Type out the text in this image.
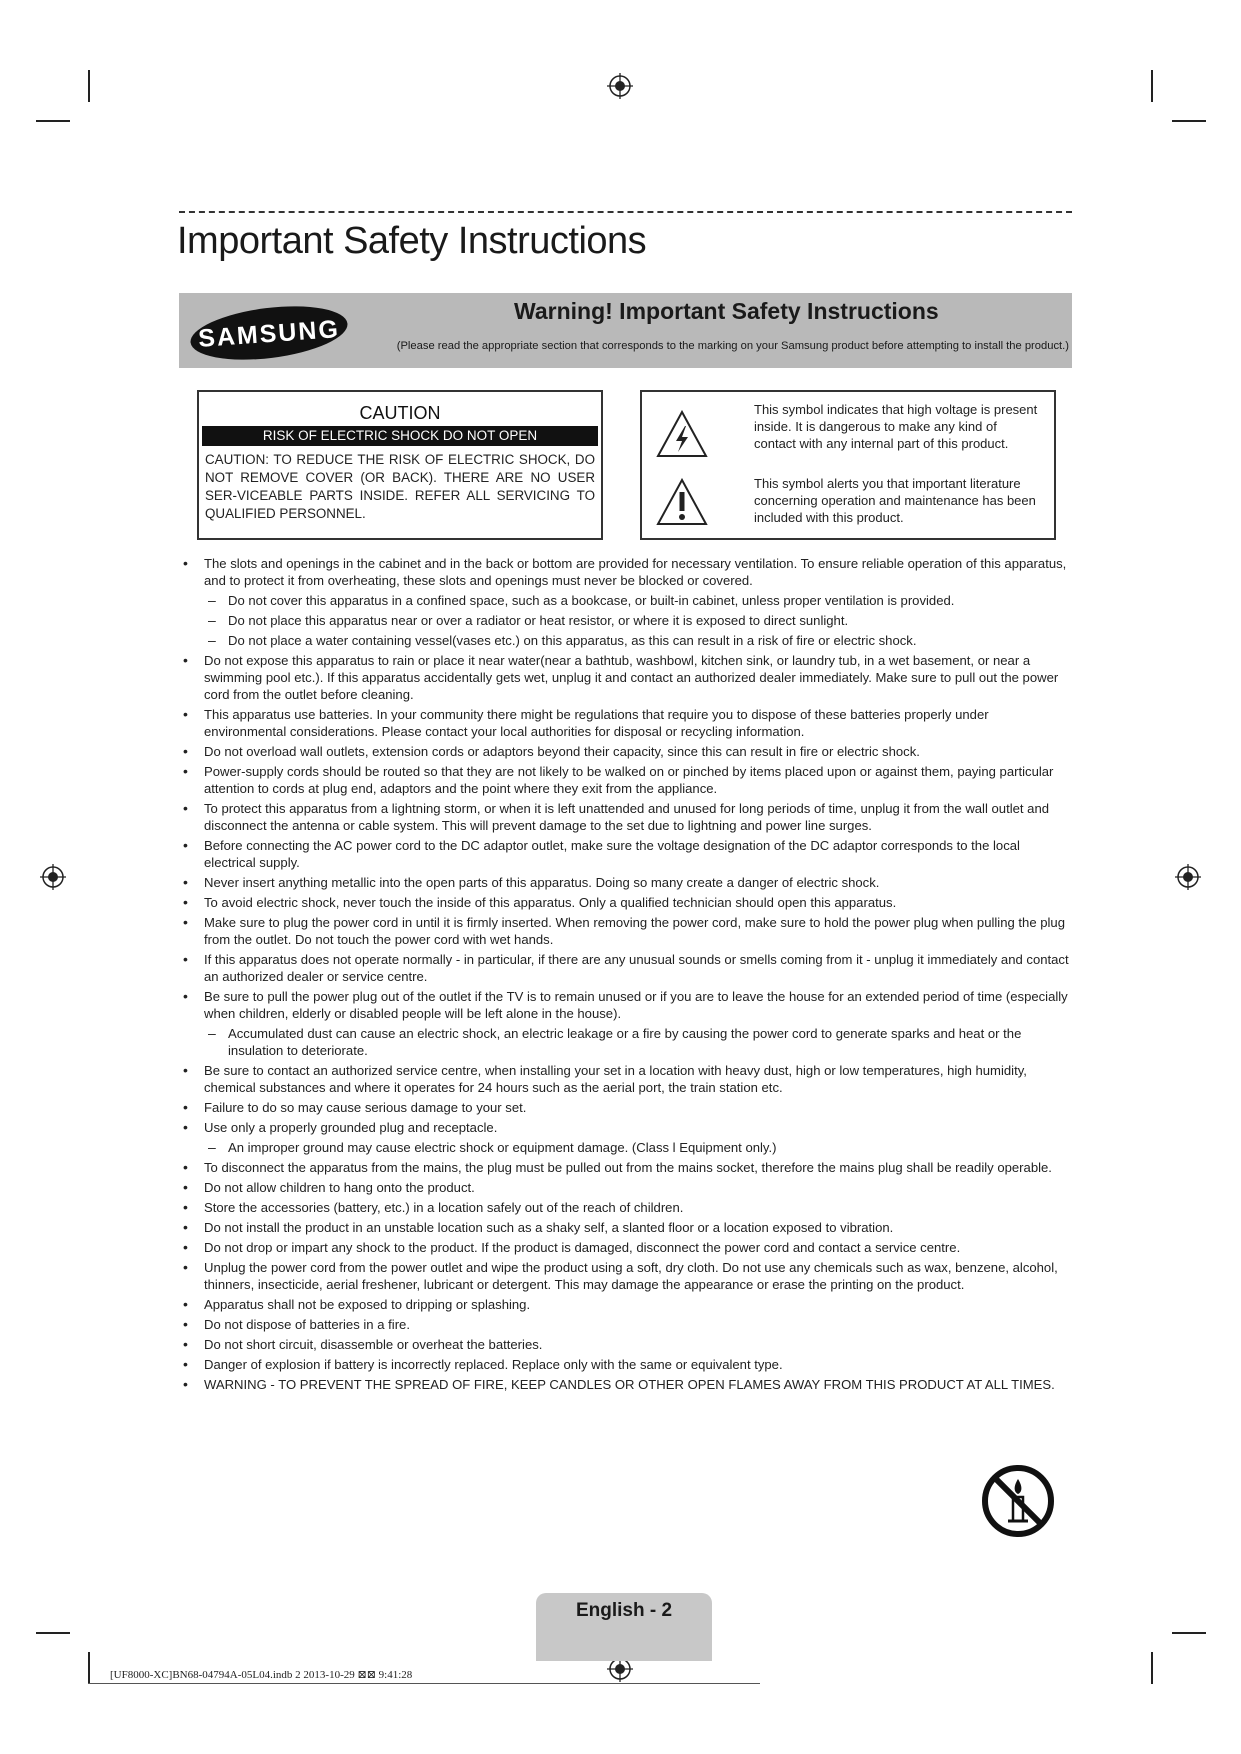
Important Safety Instructions
SAMSUNG
Warning! Important Safety Instructions
(Please read the appropriate section that corresponds to the marking on your Samsung product before attempting to install the product.)
CAUTION
RISK OF ELECTRIC SHOCK DO NOT OPEN
CAUTION: TO REDUCE THE RISK OF ELECTRIC SHOCK, DO NOT REMOVE COVER (OR BACK). THERE ARE NO USER SER-VICEABLE PARTS INSIDE. REFER ALL SERVICING TO QUALIFIED PERSONNEL.
This symbol indicates that high voltage is present inside. It is dangerous to make any kind of contact with any internal part of this product.
This symbol alerts you that important literature concerning operation and maintenance has been included with this product.
• The slots and openings in the cabinet and in the back or bottom are provided for necessary ventilation. To ensure reliable operation of this apparatus, and to protect it from overheating, these slots and openings must never be blocked or covered.
– Do not cover this apparatus in a confined space, such as a bookcase, or built-in cabinet, unless proper ventilation is provided.
– Do not place this apparatus near or over a radiator or heat resistor, or where it is exposed to direct sunlight.
– Do not place a water containing vessel(vases etc.) on this apparatus, as this can result in a risk of fire or electric shock.
• Do not expose this apparatus to rain or place it near water(near a bathtub, washbowl, kitchen sink, or laundry tub, in a wet basement, or near a swimming pool etc.). If this apparatus accidentally gets wet, unplug it and contact an authorized dealer immediately. Make sure to pull out the power cord from the outlet before cleaning.
• This apparatus use batteries. In your community there might be regulations that require you to dispose of these batteries properly under environmental considerations. Please contact your local authorities for disposal or recycling information.
• Do not overload wall outlets, extension cords or adaptors beyond their capacity, since this can result in fire or electric shock.
• Power-supply cords should be routed so that they are not likely to be walked on or pinched by items placed upon or against them, paying particular attention to cords at plug end, adaptors and the point where they exit from the appliance.
• To protect this apparatus from a lightning storm, or when it is left unattended and unused for long periods of time, unplug it from the wall outlet and disconnect the antenna or cable system. This will prevent damage to the set due to lightning and power line surges.
• Before connecting the AC power cord to the DC adaptor outlet, make sure the voltage designation of the DC adaptor corresponds to the local electrical supply.
• Never insert anything metallic into the open parts of this apparatus. Doing so many create a danger of electric shock.
• To avoid electric shock, never touch the inside of this apparatus. Only a qualified technician should open this apparatus.
• Make sure to plug the power cord in until it is firmly inserted. When removing the power cord, make sure to hold the power plug when pulling the plug from the outlet. Do not touch the power cord with wet hands.
• If this apparatus does not operate normally - in particular, if there are any unusual sounds or smells coming from it - unplug it immediately and contact an authorized dealer or service centre.
• Be sure to pull the power plug out of the outlet if the TV is to remain unused or if you are to leave the house for an extended period of time (especially when children, elderly or disabled people will be left alone in the house).
– Accumulated dust can cause an electric shock, an electric leakage or a fire by causing the power cord to generate sparks and heat or the insulation to deteriorate.
• Be sure to contact an authorized service centre, when installing your set in a location with heavy dust, high or low temperatures, high humidity, chemical substances and where it operates for 24 hours such as the aerial port, the train station etc.
• Failure to do so may cause serious damage to your set.
• Use only a properly grounded plug and receptacle.
– An improper ground may cause electric shock or equipment damage. (Class l Equipment only.)
• To disconnect the apparatus from the mains, the plug must be pulled out from the mains socket, therefore the mains plug shall be readily operable.
• Do not allow children to hang onto the product.
• Store the accessories (battery, etc.) in a location safely out of the reach of children.
• Do not install the product in an unstable location such as a shaky self, a slanted floor or a location exposed to vibration.
• Do not drop or impart any shock to the product. If the product is damaged, disconnect the power cord and contact a service centre.
• Unplug the power cord from the power outlet and wipe the product using a soft, dry cloth. Do not use any chemicals such as wax, benzene, alcohol, thinners, insecticide, aerial freshener, lubricant or detergent. This may damage the appearance or erase the printing on the product.
• Apparatus shall not be exposed to dripping or splashing.
• Do not dispose of batteries in a fire.
• Do not short circuit, disassemble or overheat the batteries.
• Danger of explosion if battery is incorrectly replaced. Replace only with the same or equivalent type.
• WARNING - TO PREVENT THE SPREAD OF FIRE, KEEP CANDLES OR OTHER OPEN FLAMES AWAY FROM THIS PRODUCT AT ALL TIMES.
English - 2
[UF8000-XC]BN68-04794A-05L04.indb 2 2013-10-29 ⊠⊠ 9:41:28
